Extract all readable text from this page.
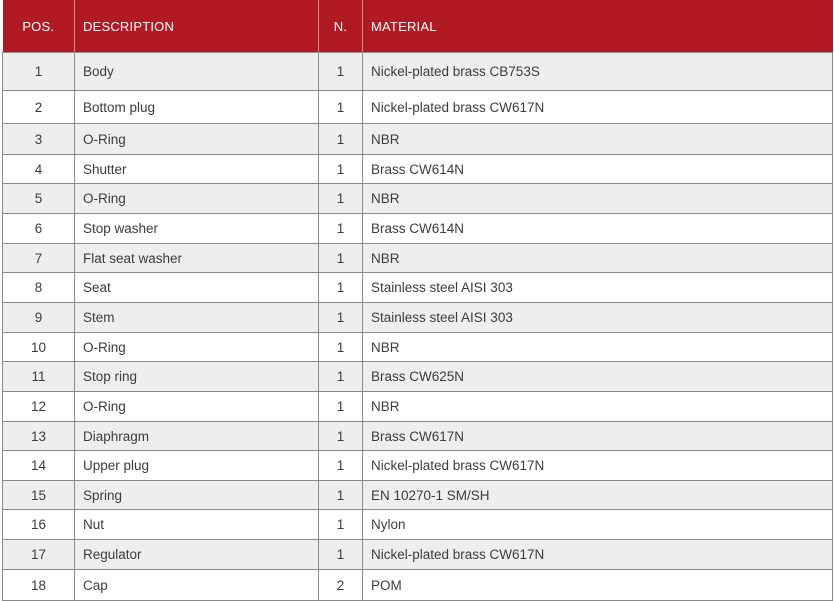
POS.	DESCRIPTION	N.	MATERIAL
1	Body	1	Nickel-plated brass CB753S
2	Bottom plug	1	Nickel-plated brass CW617N
3	O-Ring	1	NBR
4	Shutter	1	Brass CW614N
5	O-Ring	1	NBR
6	Stop washer	1	Brass CW614N
7	Flat seat washer	1	NBR
8	Seat	1	Stainless steel AISI 303
9	Stem	1	Stainless steel AISI 303
10	O-Ring	1	NBR
11	Stop ring	1	Brass CW625N
12	O-Ring	1	NBR
13	Diaphragm	1	Brass CW617N
14	Upper plug	1	Nickel-plated brass CW617N
15	Spring	1	EN 10270-1 SM/SH
16	Nut	1	Nylon
17	Regulator	1	Nickel-plated brass CW617N
18	Cap	2	POM
